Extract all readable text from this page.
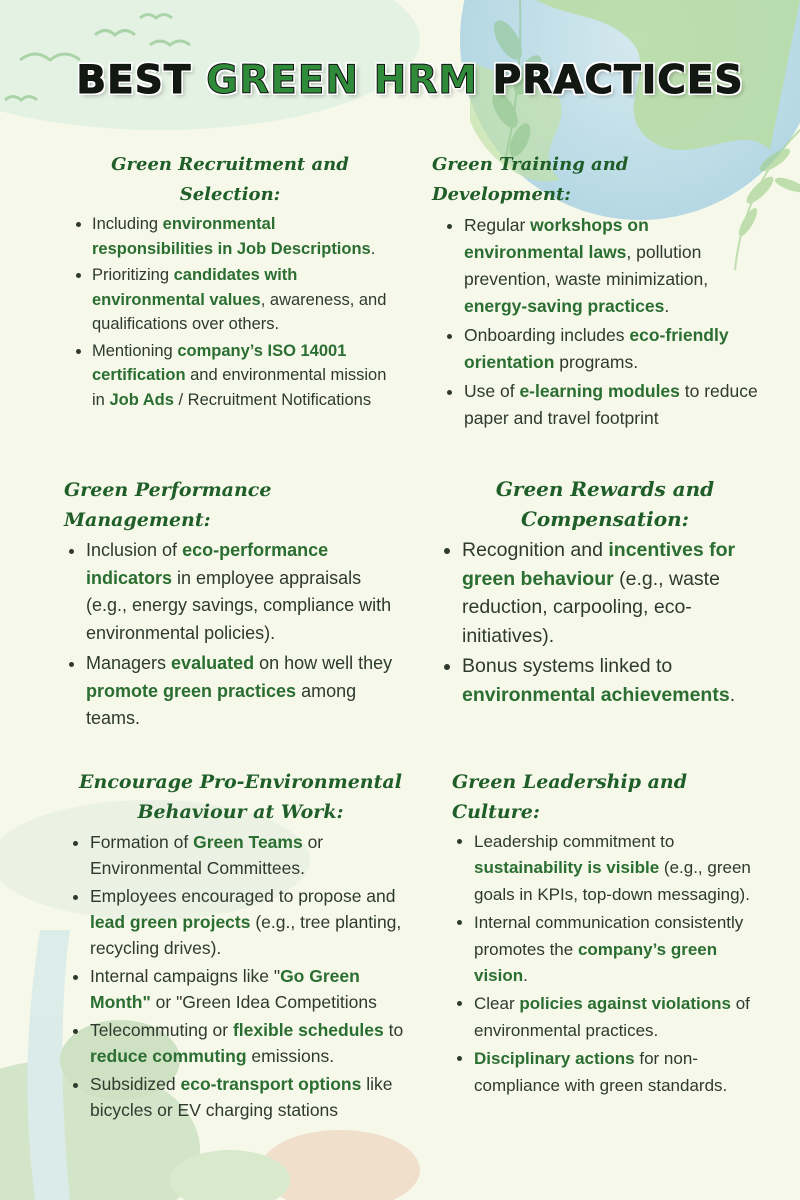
BEST GREEN HRM PRACTICES
Green Recruitment and Selection:
• Including environmental responsibilities in Job Descriptions.
• Prioritizing candidates with environmental values, awareness, and qualifications over others.
• Mentioning company’s ISO 14001 certification and environmental mission in Job Ads / Recruitment Notifications
Green Training and Development:
• Regular workshops on environmental laws, pollution prevention, waste minimization, energy-saving practices.
• Onboarding includes eco-friendly orientation programs.
• Use of e-learning modules to reduce paper and travel footprint
Green Performance Management:
• Inclusion of eco-performance indicators in employee appraisals (e.g., energy savings, compliance with environmental policies).
• Managers evaluated on how well they promote green practices among teams.
Green Rewards and Compensation:
• Recognition and incentives for green behaviour (e.g., waste reduction, carpooling, eco-initiatives).
• Bonus systems linked to environmental achievements.
Encourage Pro-Environmental Behaviour at Work:
• Formation of Green Teams or Environmental Committees.
• Employees encouraged to propose and lead green projects (e.g., tree planting, recycling drives).
• Internal campaigns like "Go Green Month" or "Green Idea Competitions
• Telecommuting or flexible schedules to reduce commuting emissions.
• Subsidized eco-transport options like bicycles or EV charging stations
Green Leadership and Culture:
• Leadership commitment to sustainability is visible (e.g., green goals in KPIs, top-down messaging).
• Internal communication consistently promotes the company’s green vision.
• Clear policies against violations of environmental practices.
• Disciplinary actions for non-compliance with green standards.
